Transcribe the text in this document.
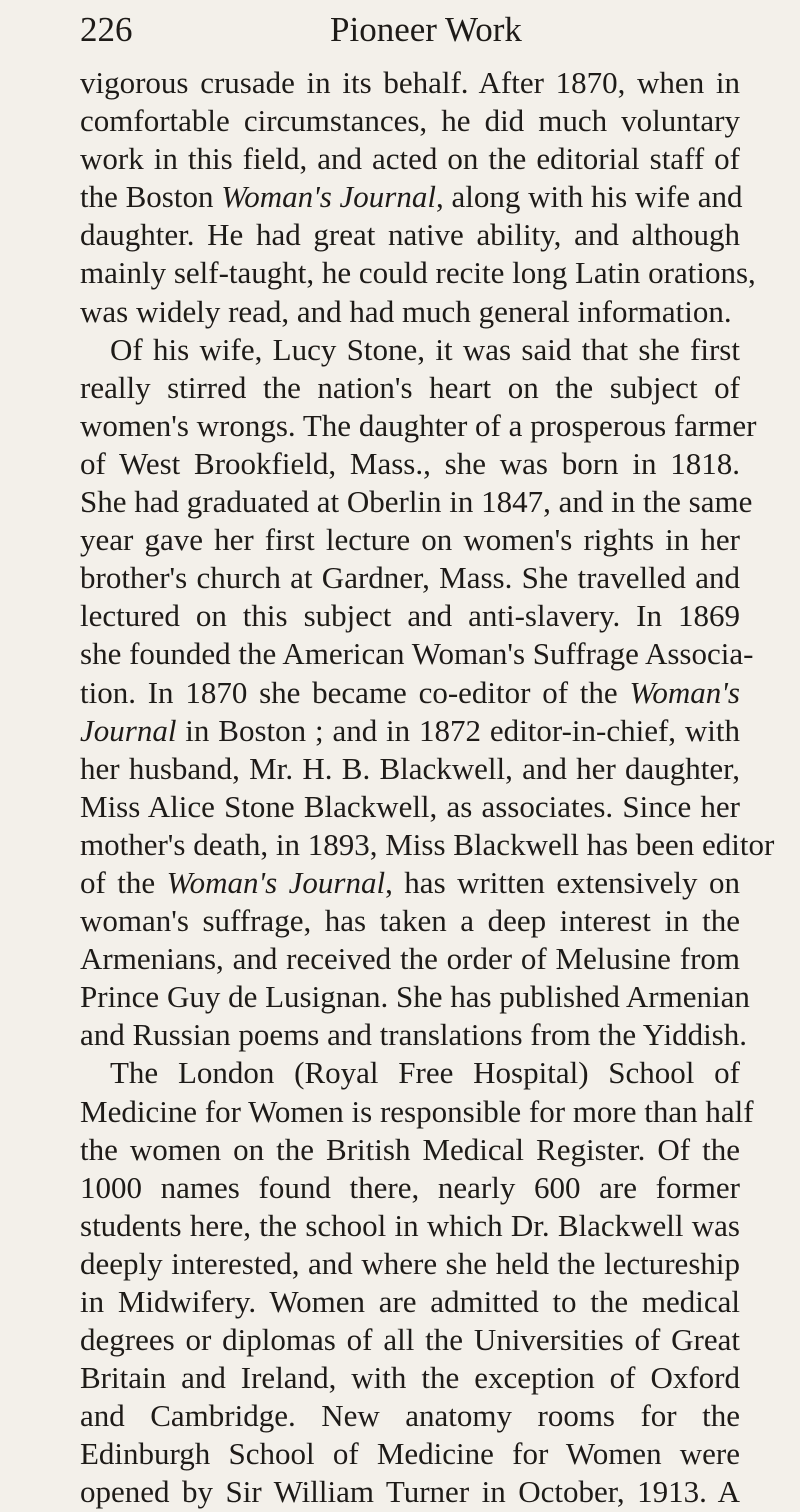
226	Pioneer Work
vigorous crusade in its behalf. After 1870, when in
comfortable circumstances, he did much voluntary
work in this field, and acted on the editorial staff of
the Boston Woman's Journal, along with his wife and
daughter. He had great native ability, and although
mainly self-taught, he could recite long Latin orations,
was widely read, and had much general information.
Of his wife, Lucy Stone, it was said that she first
really stirred the nation's heart on the subject of
women's wrongs. The daughter of a prosperous farmer
of West Brookfield, Mass., she was born in 1818.
She had graduated at Oberlin in 1847, and in the same
year gave her first lecture on women's rights in her
brother's church at Gardner, Mass. She travelled and
lectured on this subject and anti-slavery. In 1869
she founded the American Woman's Suffrage Associa-
tion. In 1870 she became co-editor of the Woman's
Journal in Boston ; and in 1872 editor-in-chief, with
her husband, Mr. H. B. Blackwell, and her daughter,
Miss Alice Stone Blackwell, as associates. Since her
mother's death, in 1893, Miss Blackwell has been editor
of the Woman's Journal, has written extensively on
woman's suffrage, has taken a deep interest in the
Armenians, and received the order of Melusine from
Prince Guy de Lusignan. She has published Armenian
and Russian poems and translations from the Yiddish.
The London (Royal Free Hospital) School of
Medicine for Women is responsible for more than half
the women on the British Medical Register. Of the
1000 names found there, nearly 600 are former
students here, the school in which Dr. Blackwell was
deeply interested, and where she held the lectureship
in Midwifery. Women are admitted to the medical
degrees or diplomas of all the Universities of Great
Britain and Ireland, with the exception of Oxford
and Cambridge. New anatomy rooms for the
Edinburgh School of Medicine for Women were
opened by Sir William Turner in October, 1913. A
